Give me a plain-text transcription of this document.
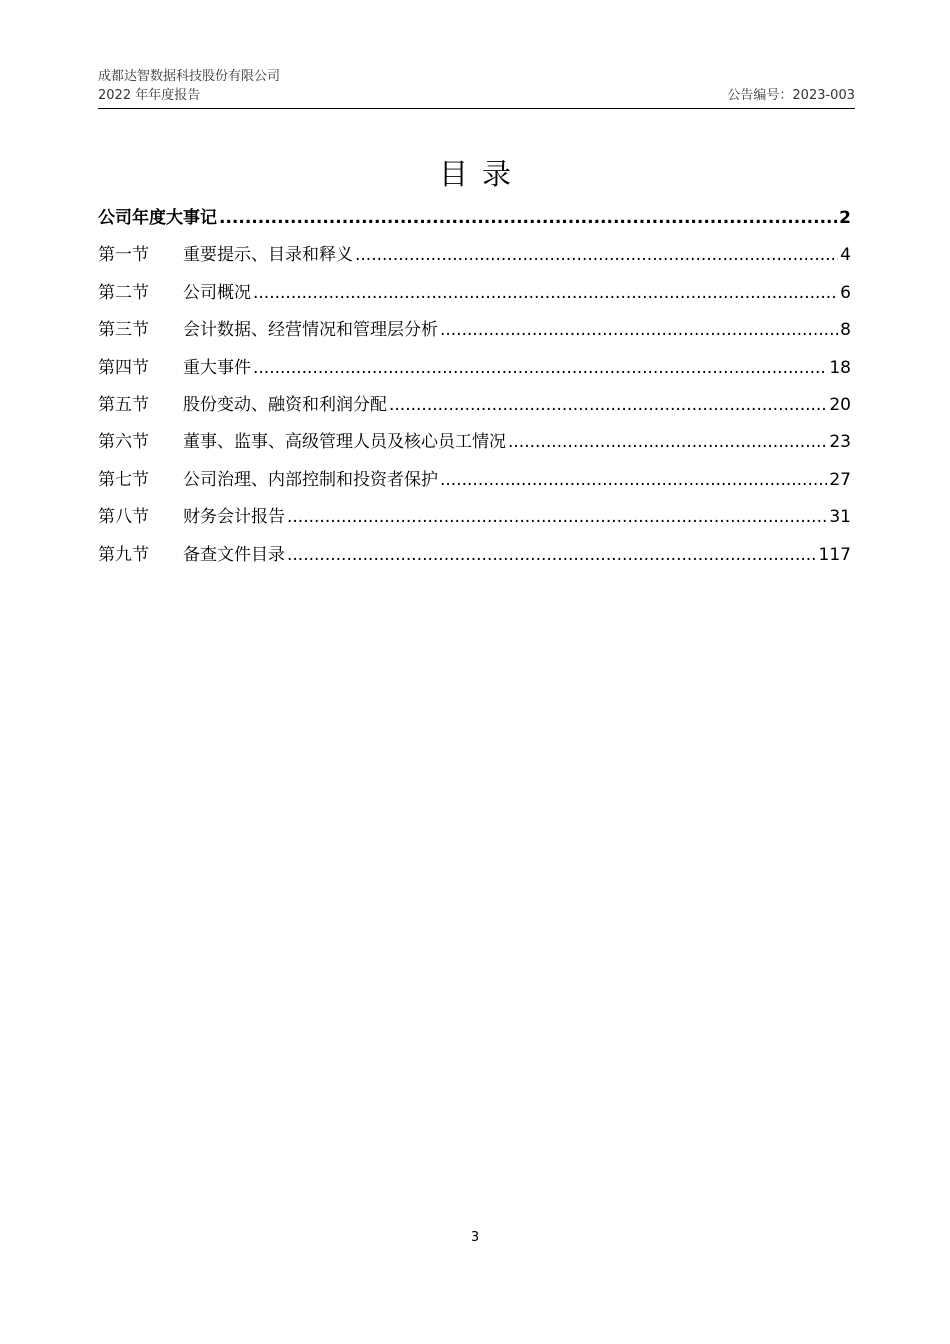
成都达智数据科技股份有限公司
2022 年年度报告	公告编号：2023-003
目录
公司年度大事记 .....	2
第一节	重要提示、目录和释义 .....	4
第二节	公司概况 .....	6
第三节	会计数据、经营情况和管理层分析 .....	8
第四节	重大事件 .....	18
第五节	股份变动、融资和利润分配 .....	20
第六节	董事、监事、高级管理人员及核心员工情况 .....	23
第七节	公司治理、内部控制和投资者保护 .....	27
第八节	财务会计报告 .....	31
第九节	备查文件目录 .....	117
3
